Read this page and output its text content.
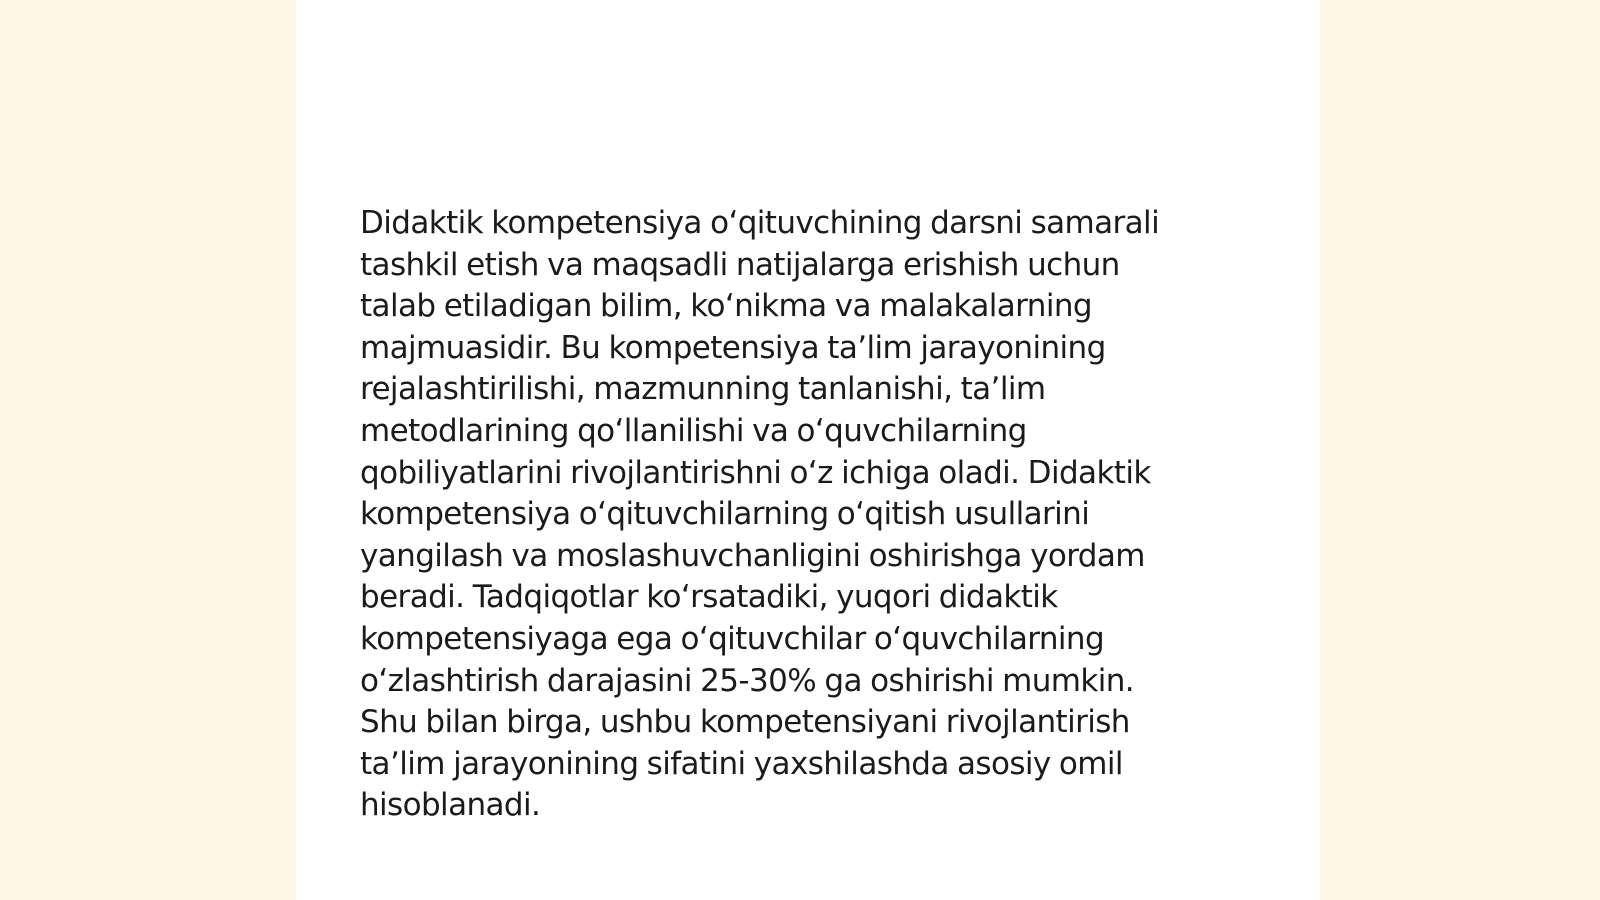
Didaktik kompetensiya o‘qituvchining darsni samarali
tashkil etish va maqsadli natijalarga erishish uchun
talab etiladigan bilim, ko‘nikma va malakalarning
majmuasidir. Bu kompetensiya ta’lim jarayonining
rejalashtirilishi, mazmunning tanlanishi, ta’lim
metodlarining qo‘llanilishi va o‘quvchilarning
qobiliyatlarini rivojlantirishni o‘z ichiga oladi. Didaktik
kompetensiya o‘qituvchilarning o‘qitish usullarini
yangilash va moslashuvchanligini oshirishga yordam
beradi. Tadqiqotlar ko‘rsatadiki, yuqori didaktik
kompetensiyaga ega o‘qituvchilar o‘quvchilarning
o‘zlashtirish darajasini 25-30% ga oshirishi mumkin.
Shu bilan birga, ushbu kompetensiyani rivojlantirish
ta’lim jarayonining sifatini yaxshilashda asosiy omil
hisoblanadi.
